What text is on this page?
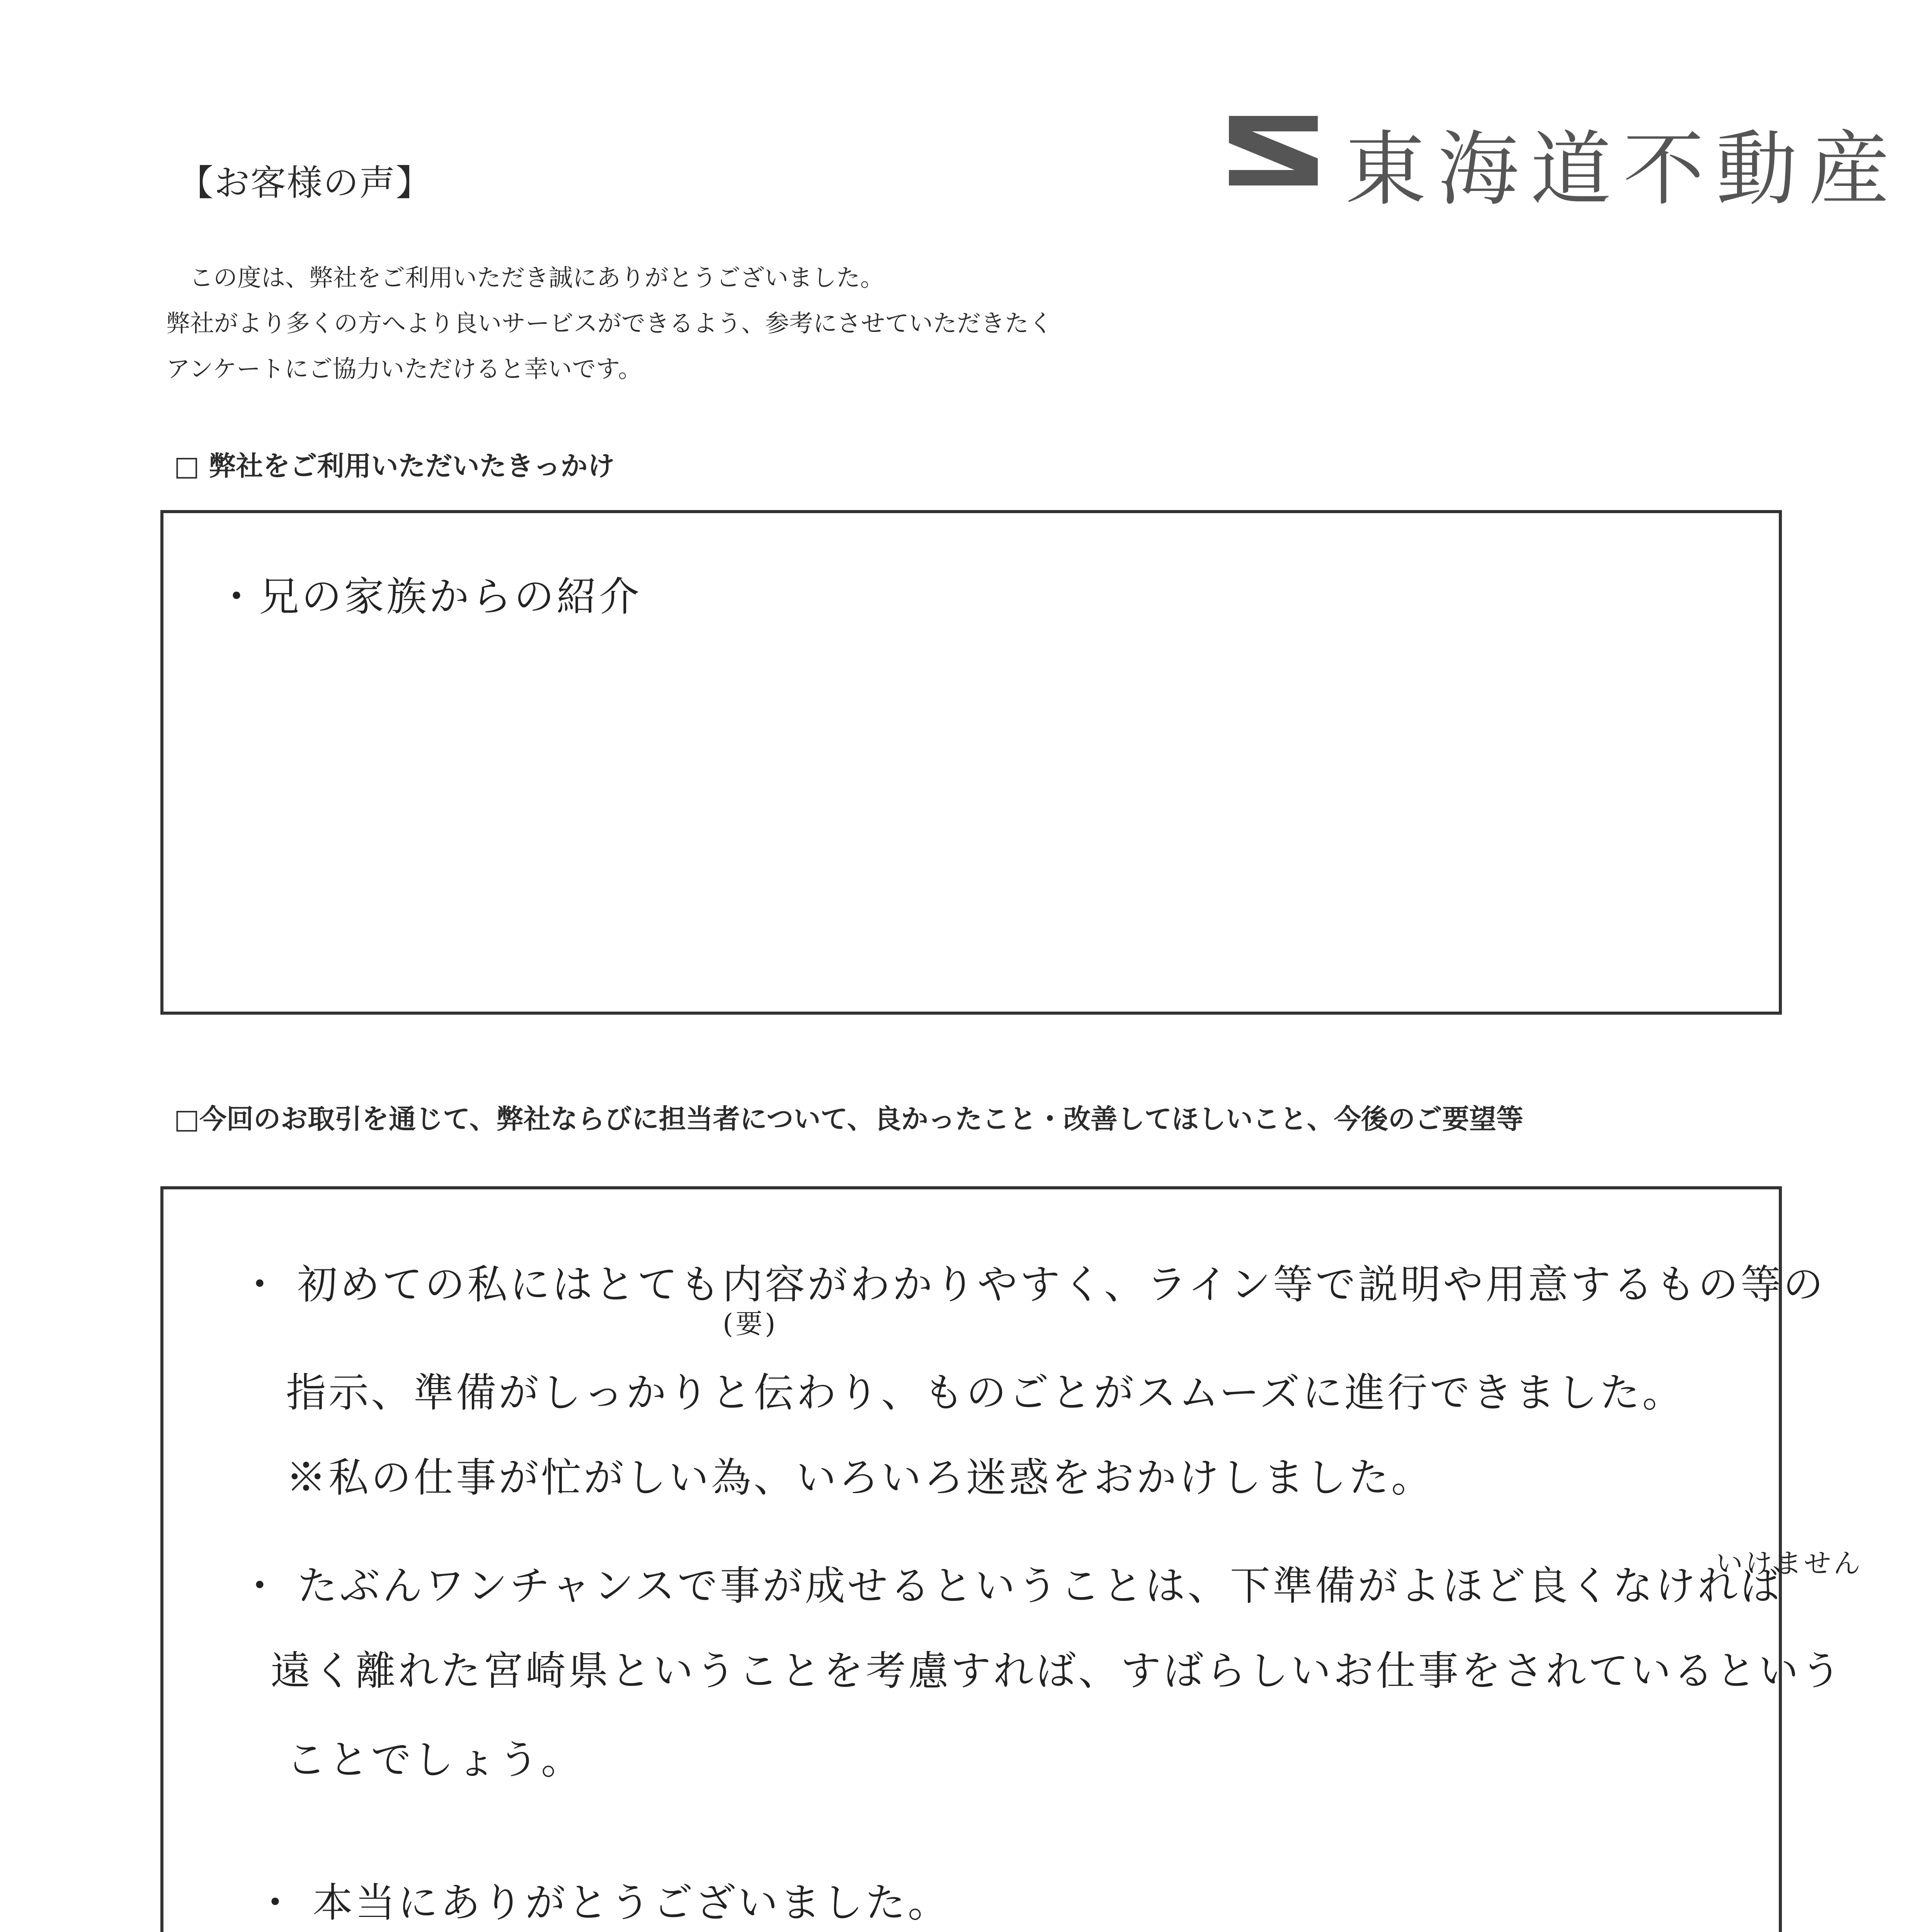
【お客様の声】	東海道不動産
この度は、弊社をご利用いただき誠にありがとうございました。
弊社がより多くの方へより良いサービスができるよう、参考にさせていただきたく
アンケートにご協力いただけると幸いです。
□ 弊社をご利用いただいたきっかけ
・兄の家族からの紹介
□今回のお取引を通じて、弊社ならびに担当者について、良かったこと・改善してほしいこと、今後のご要望等
・ 初めての私にはとても内容がわかりやすく、ライン等で説明や用意するもの等の
(要)
指示、準備がしっかりと伝わり、ものごとがスムーズに進行できました。
※私の仕事が忙がしい為、いろいろ迷惑をおかけしました。
・ たぶんワンチャンスで事が成せるということは、下準備がよほど良くなければ
いけません
遠く離れた宮崎県ということを考慮すれば、すばらしいお仕事をされているという
ことでしょう。
・ 本当にありがとうございました。
